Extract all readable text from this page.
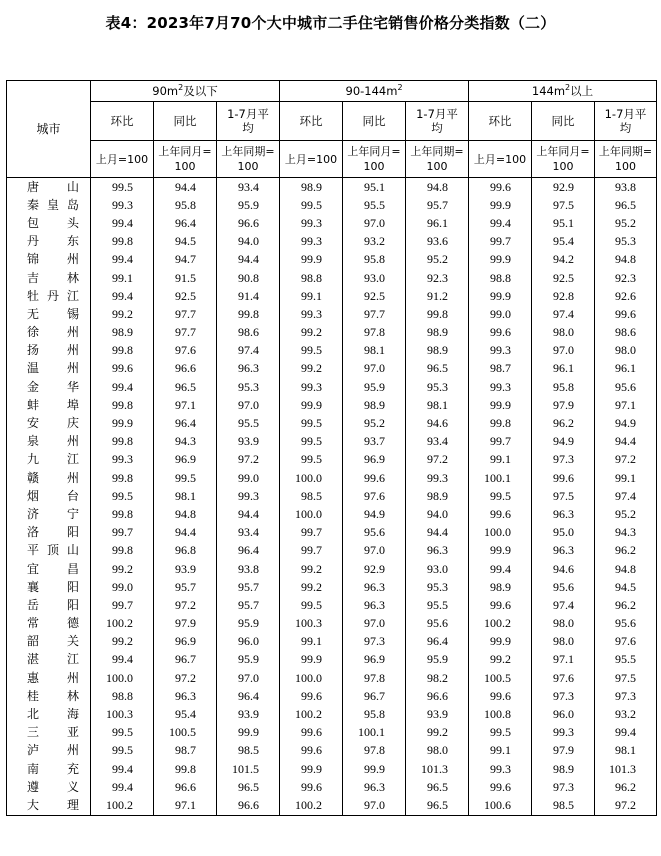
表4：2023年7月70个大中城市二手住宅销售价格分类指数（二）
城市	$90m^2$及以下			$90-144m^2$			$144m^2$以上		
	环比	同比	1-7月平均	环比	同比	1-7月平均	环比	同比	1-7月平均
	上月=100	上年同月=100	上年同期=100	上月=100	上年同月=100	上年同期=100	上月=100	上年同月=100	上年同期=100
唐山	99.5	94.4	93.4	98.9	95.1	94.8	99.6	92.9	93.8
秦皇岛	99.3	95.8	95.9	99.5	95.5	95.7	99.9	97.5	96.5
包头	99.4	96.4	96.6	99.3	97.0	96.1	99.4	95.1	95.2
丹东	99.8	94.5	94.0	99.3	93.2	93.6	99.7	95.4	95.3
锦州	99.4	94.7	94.4	99.9	95.8	95.2	99.9	94.2	94.8
吉林	99.1	91.5	90.8	98.8	93.0	92.3	98.8	92.5	92.3
牡丹江	99.4	92.5	91.4	99.1	92.5	91.2	99.9	92.8	92.6
无锡	99.2	97.7	99.8	99.3	97.7	99.8	99.0	97.4	99.6
徐州	98.9	97.7	98.6	99.2	97.8	98.9	99.6	98.0	98.6
扬州	99.8	97.6	97.4	99.5	98.1	98.9	99.3	97.0	98.0
温州	99.6	96.6	96.3	99.2	97.0	96.5	98.7	96.1	96.1
金华	99.4	96.5	95.3	99.3	95.9	95.3	99.3	95.8	95.6
蚌埠	99.8	97.1	97.0	99.9	98.9	98.1	99.9	97.9	97.1
安庆	99.9	96.4	95.5	99.5	95.2	94.6	99.8	96.2	94.9
泉州	99.8	94.3	93.9	99.5	93.7	93.4	99.7	94.9	94.4
九江	99.3	96.9	97.2	99.5	96.9	97.2	99.1	97.3	97.2
赣州	99.8	99.5	99.0	100.0	99.6	99.3	100.1	99.6	99.1
烟台	99.5	98.1	99.3	98.5	97.6	98.9	99.5	97.5	97.4
济宁	99.8	94.8	94.4	100.0	94.9	94.0	99.6	96.3	95.2
洛阳	99.7	94.4	93.4	99.7	95.6	94.4	100.0	95.0	94.3
平顶山	99.8	96.8	96.4	99.7	97.0	96.3	99.9	96.3	96.2
宜昌	99.2	93.9	93.8	99.2	92.9	93.0	99.4	94.6	94.8
襄阳	99.0	95.7	95.7	99.2	96.3	95.3	98.9	95.6	94.5
岳阳	99.7	97.2	95.7	99.5	96.3	95.5	99.6	97.4	96.2
常德	100.2	97.9	95.9	100.3	97.0	95.6	100.2	98.0	95.6
韶关	99.2	96.9	96.0	99.1	97.3	96.4	99.9	98.0	97.6
湛江	99.4	96.7	95.9	99.9	96.9	95.9	99.2	97.1	95.5
惠州	100.0	97.2	97.0	100.0	97.8	98.2	100.5	97.6	97.5
桂林	98.8	96.3	96.4	99.6	96.7	96.6	99.6	97.3	97.3
北海	100.3	95.4	93.9	100.2	95.8	93.9	100.8	96.0	93.2
三亚	99.5	100.5	99.9	99.6	100.1	99.2	99.5	99.3	99.4
泸州	99.5	98.7	98.5	99.6	97.8	98.0	99.1	97.9	98.1
南充	99.4	99.8	101.5	99.9	99.9	101.3	99.3	98.9	101.3
遵义	99.4	96.6	96.5	99.6	96.3	96.5	99.6	97.3	96.2
大理	100.2	97.1	96.6	100.2	97.0	96.5	100.6	98.5	97.2
